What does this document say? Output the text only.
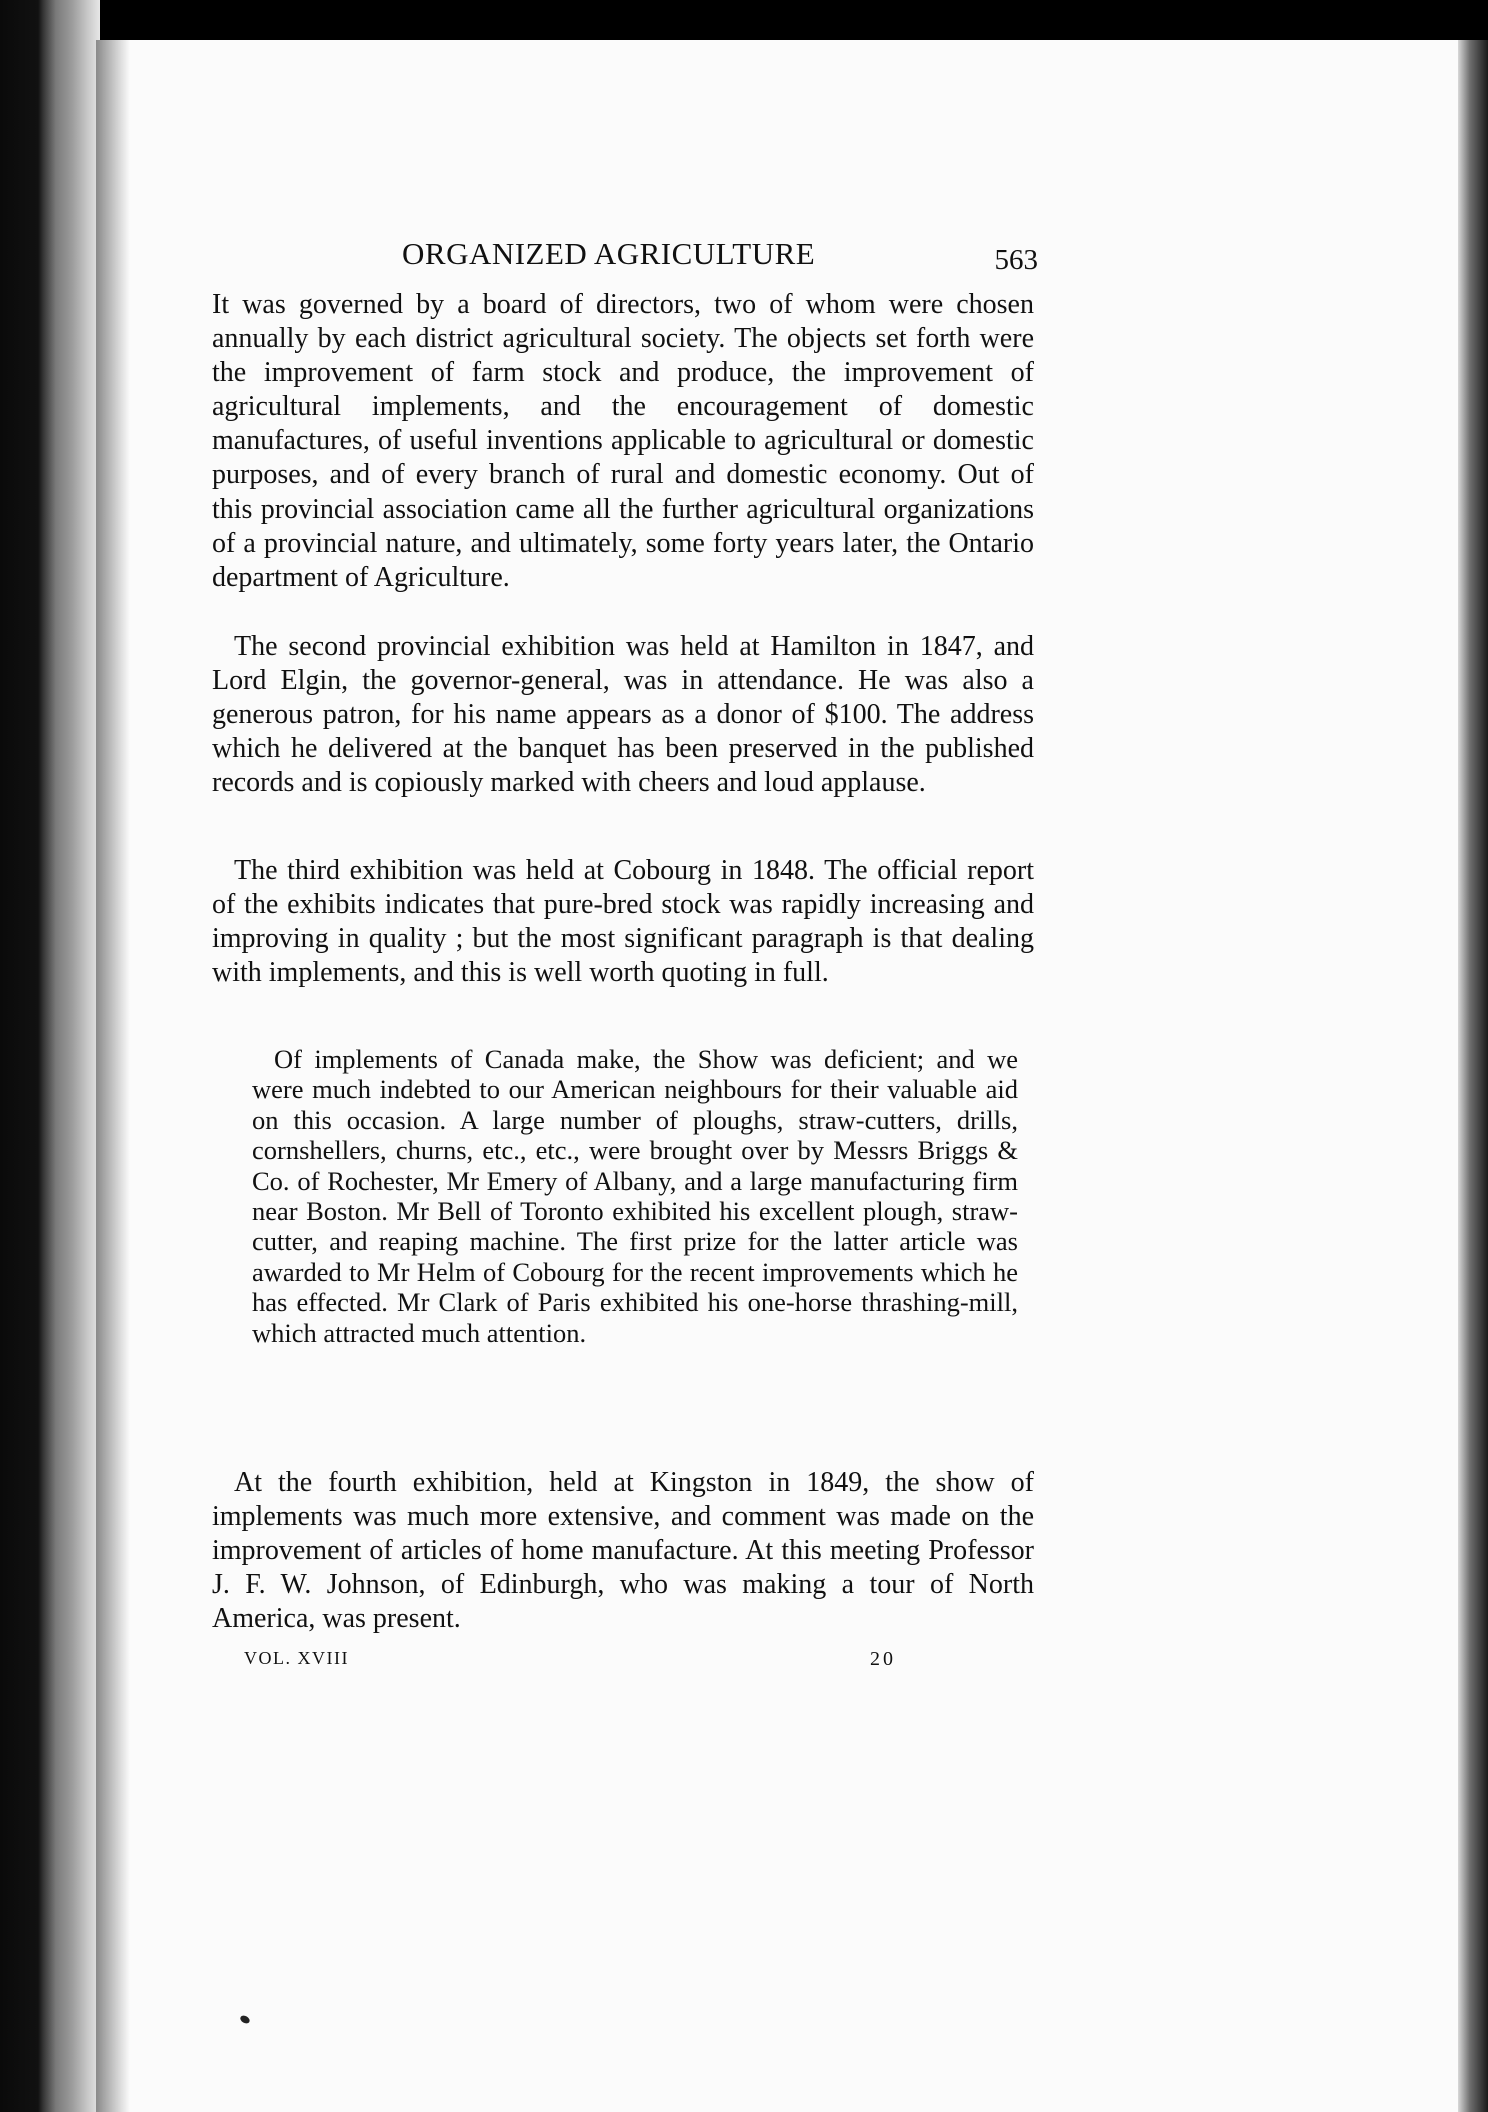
ORGANIZED AGRICULTURE	563

It was governed by a board of directors, two of whom were chosen annually by each district agricultural society. The objects set forth were the improvement of farm stock and produce, the improvement of agricultural implements, and the encouragement of domestic manufactures, of useful inventions applicable to agricultural or domestic purposes, and of every branch of rural and domestic economy. Out of this provincial association came all the further agricultural organizations of a provincial nature, and ultimately, some forty years later, the Ontario department of Agriculture.

The second provincial exhibition was held at Hamilton in 1847, and Lord Elgin, the governor-general, was in attendance. He was also a generous patron, for his name appears as a donor of $100. The address which he delivered at the banquet has been preserved in the published records and is copiously marked with cheers and loud applause.

The third exhibition was held at Cobourg in 1848. The official report of the exhibits indicates that pure-bred stock was rapidly increasing and improving in quality ; but the most significant paragraph is that dealing with implements, and this is well worth quoting in full.

Of implements of Canada make, the Show was deficient; and we were much indebted to our American neighbours for their valuable aid on this occasion. A large number of ploughs, straw-cutters, drills, cornshellers, churns, etc., etc., were brought over by Messrs Briggs & Co. of Rochester, Mr Emery of Albany, and a large manufacturing firm near Boston. Mr Bell of Toronto exhibited his excellent plough, straw-cutter, and reaping machine. The first prize for the latter article was awarded to Mr Helm of Cobourg for the recent improvements which he has effected. Mr Clark of Paris exhibited his one-horse thrashing-mill, which attracted much attention.

At the fourth exhibition, held at Kingston in 1849, the show of implements was much more extensive, and comment was made on the improvement of articles of home manufacture. At this meeting Professor J. F. W. Johnson, of Edinburgh, who was making a tour of North America, was present.

VOL. XVIII	20
